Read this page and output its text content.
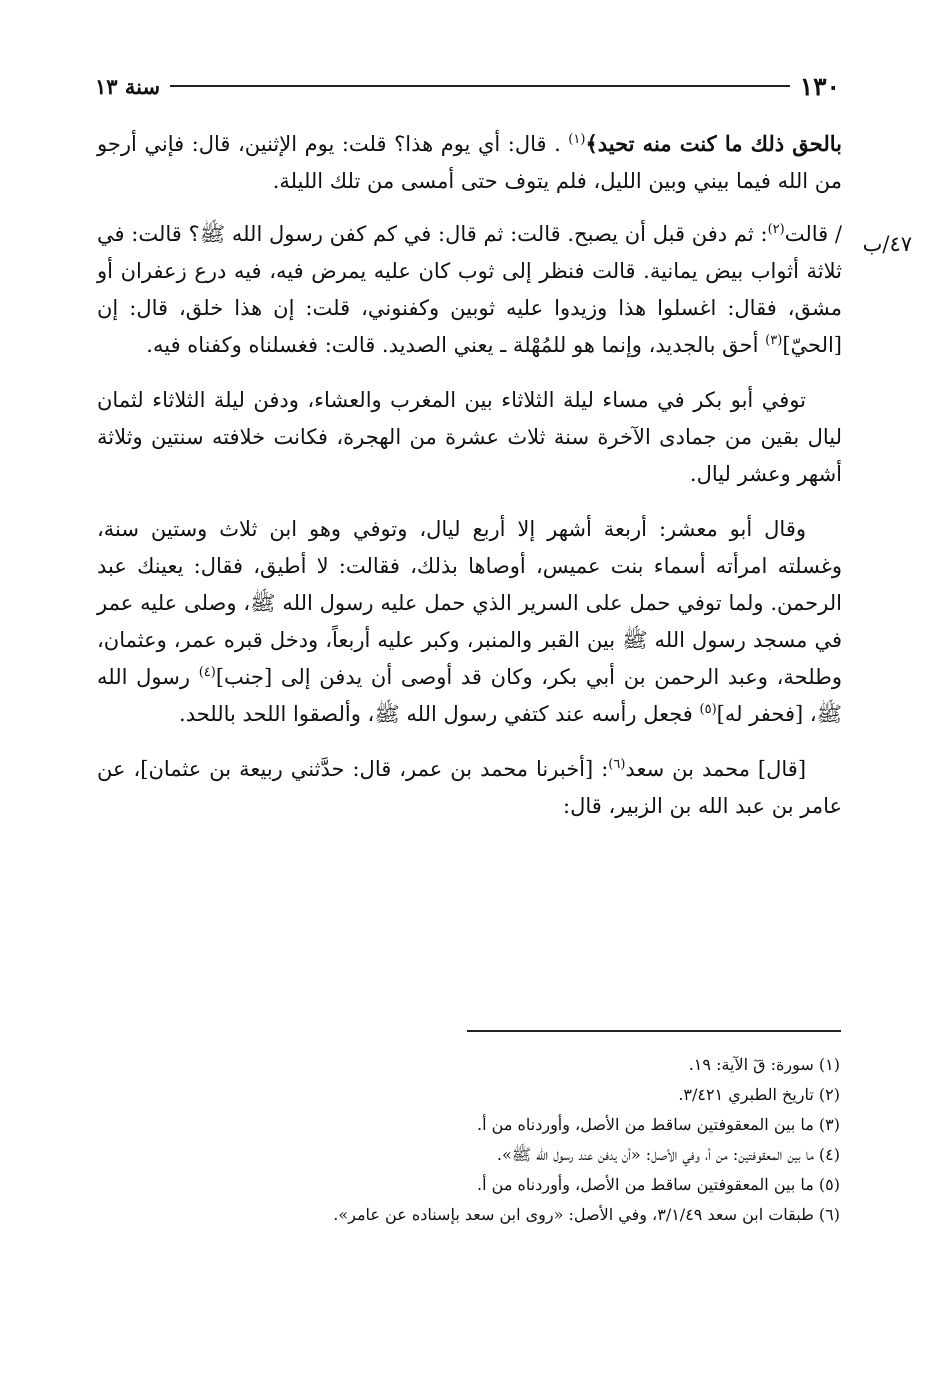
سنة ١٣	١٣٠
٤٧/ب

بالحق ذلك ما كنت منه تحيد﴾$^{(١)}$ . قال: أي يوم هذا؟ قلت: يوم الإثنين، قال: فإني أرجو من الله فيما بيني وبين الليل، فلم يتوف حتى أمسى من تلك الليلة.

/ قالت$^{(٢)}$: ثم دفن قبل أن يصبح. قالت: ثم قال: في كم كفن رسول الله ﷺ؟ قالت: في ثلاثة أثواب بيض يمانية. قالت فنظر إلى ثوب كان عليه يمرض فيه، فيه درع زعفران أو مشق، فقال: اغسلوا هذا وزيدوا عليه ثوبين وكفنوني، قلت: إن هذا خلق، قال: إن [الحيّ]$^{(٣)}$ أحق بالجديد، وإنما هو للمُهْلة ـ يعني الصديد. قالت: فغسلناه وكفناه فيه.

توفي أبو بكر في مساء ليلة الثلاثاء بين المغرب والعشاء، ودفن ليلة الثلاثاء لثمان ليال بقين من جمادى الآخرة سنة ثلاث عشرة من الهجرة، فكانت خلافته سنتين وثلاثة أشهر وعشر ليال.

وقال أبو معشر: أربعة أشهر إلا أربع ليال، وتوفي وهو ابن ثلاث وستين سنة، وغسلته امرأته أسماء بنت عميس، أوصاها بذلك، فقالت: لا أطيق، فقال: يعينك عبد الرحمن. ولما توفي حمل على السرير الذي حمل عليه رسول الله ﷺ، وصلى عليه عمر في مسجد رسول الله ﷺ بين القبر والمنبر، وكبر عليه أربعاً، ودخل قبره عمر، وعثمان، وطلحة، وعبد الرحمن بن أبي بكر، وكان قد أوصى أن يدفن إلى [جنب]$^{(٤)}$ رسول الله ﷺ، [فحفر له]$^{(٥)}$ فجعل رأسه عند كتفي رسول الله ﷺ، وألصقوا اللحد باللحد.

[قال] محمد بن سعد$^{(٦)}$: [أخبرنا محمد بن عمر، قال: حدَّثني ربيعة بن عثمان]، عن عامر بن عبد الله بن الزبير، قال:

(١) سورة: قٓ الآية: ١٩.

(٢) تاريخ الطبري ٣/٤٢١.

(٣) ما بين المعقوفتين ساقط من الأصل، وأوردناه من أ.

(٤) ما بين المعقوفتين: من أ، وفي الأصل: «أن يدفن عند رسول الله ﷺ».

(٥) ما بين المعقوفتين ساقط من الأصل، وأوردناه من أ.

(٦) طبقات ابن سعد ٣/١/٤٩، وفي الأصل: «روى ابن سعد بإسناده عن عامر».
